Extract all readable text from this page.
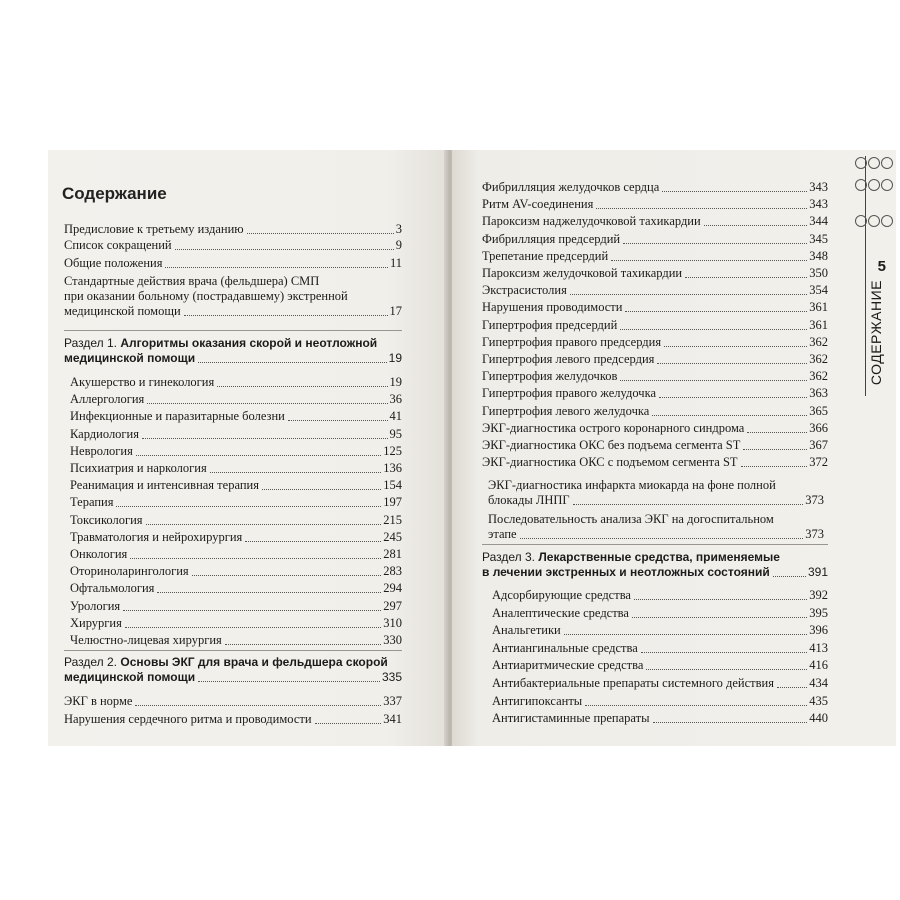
Содержание
Предисловие к третьему изданию	3
Список сокращений	9
Общие положения	11
Стандартные действия врача (фельдшера) СМП
при оказании больному (пострадавшему) экстренной
медицинской помощи	17
Раздел 1. Алгоритмы оказания скорой и неотложной
медицинской помощи	19
Акушерство и гинекология	19
Аллергология	36
Инфекционные и паразитарные болезни	41
Кардиология	95
Неврология	125
Психиатрия и наркология	136
Реанимация и интенсивная терапия	154
Терапия	197
Токсикология	215
Травматология и нейрохирургия	245
Онкология	281
Оториноларингология	283
Офтальмология	294
Урология	297
Хирургия	310
Челюстно-лицевая хирургия	330
Раздел 2. Основы ЭКГ для врача и фельдшера скорой
медицинской помощи	335
ЭКГ в норме	337
Нарушения сердечного ритма и проводимости	341
Фибрилляция желудочков сердца	343
Ритм AV-соединения	343
Пароксизм наджелудочковой тахикардии	344
Фибрилляция предсердий	345
Трепетание предсердий	348
Пароксизм желудочковой тахикардии	350
Экстрасистолия	354
Нарушения проводимости	361
Гипертрофия предсердий	361
Гипертрофия правого предсердия	362
Гипертрофия левого предсердия	362
Гипертрофия желудочков	362
Гипертрофия правого желудочка	363
Гипертрофия левого желудочка	365
ЭКГ-диагностика острого коронарного синдрома	366
ЭКГ-диагностика ОКС без подъема сегмента ST	367
ЭКГ-диагностика ОКС с подъемом сегмента ST	372
ЭКГ-диагностика инфаркта миокарда на фоне полной
блокады ЛНПГ	373
Последовательность анализа ЭКГ на догоспитальном
этапе	373
Раздел 3. Лекарственные средства, применяемые
в лечении экстренных и неотложных состояний	391
Адсорбирующие средства	392
Аналептические средства	395
Анальгетики	396
Антиангинальные средства	413
Антиаритмические средства	416
Антибактериальные препараты системного действия	434
Антигипоксанты	435
Антигистаминные препараты	440
5
СОДЕРЖАНИЕ
